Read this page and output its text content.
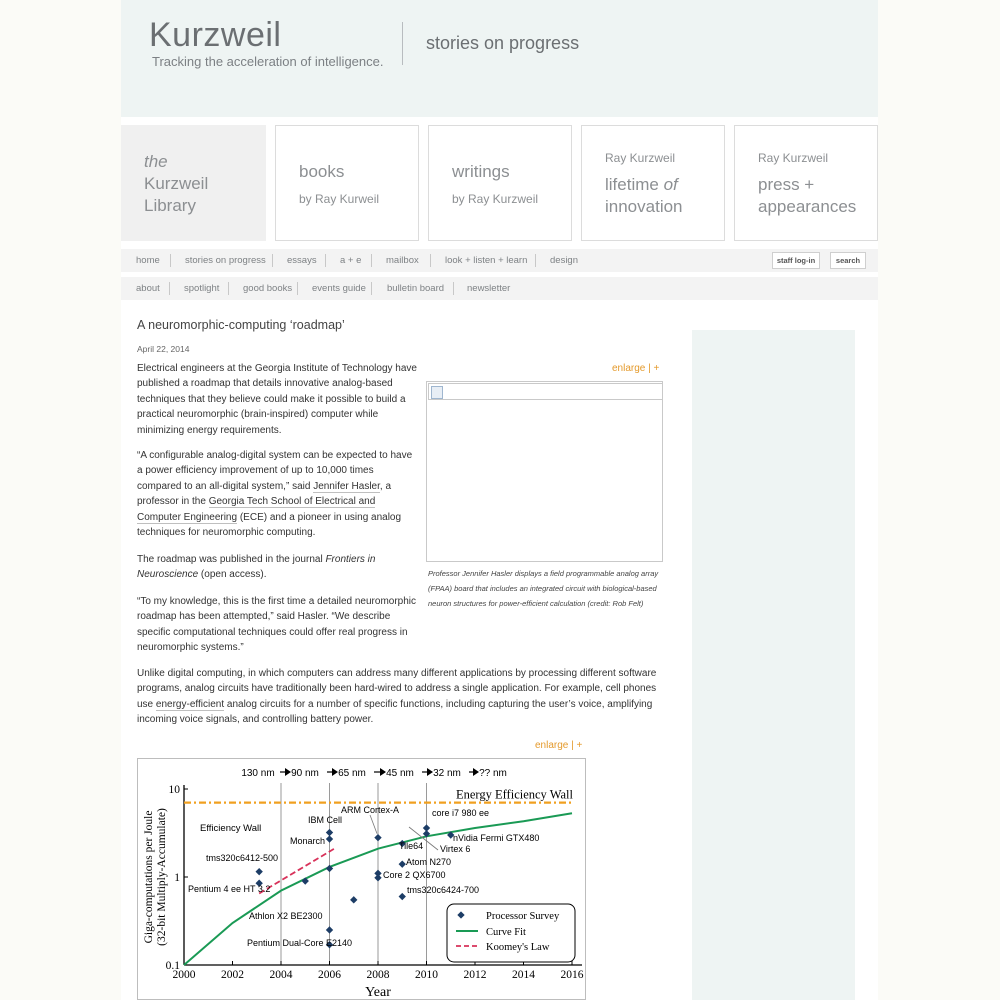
Kurzweil
Tracking the acceleration of intelligence.
stories on progress
the
Kurzweil
Library
books
by Ray Kurweil
writings
by Ray Kurzweil
Ray Kurzweil
lifetime of
innovation
Ray Kurzweil
press +
appearances
home	stories on progress essays a + e	mailbox	look + listen + learn design	staff log-in	search
about	spotlight good books events guide bulletin board newsletter
A neuromorphic-computing ‘roadmap’
April 22, 2014
Electrical engineers at the Georgia Institute of Technology have published a roadmap that details innovative analog-based techniques that they believe could make it possible to build a practical neuromorphic (brain-inspired) computer while minimizing energy requirements.
“A configurable analog-digital system can be expected to have a power efficiency improvement of up to 10,000 times compared to an all-digital system,” said Jennifer Hasler, a professor in the Georgia Tech School of Electrical and Computer Engineering (ECE) and a pioneer in using analog techniques for neuromorphic computing.
The roadmap was published in the journal Frontiers in Neuroscience (open access).
“To my knowledge, this is the first time a detailed neuromorphic roadmap has been attempted,” said Hasler. “We describe specific computational techniques could offer real progress in neuromorphic systems.”
Unlike digital computing, in which computers can address many different applications by processing different software programs, analog circuits have traditionally been hard-wired to address a single application. For example, cell phones use energy-efficient analog circuits for a number of specific functions, including capturing the user’s voice, amplifying incoming voice signals, and controlling battery power.
enlarge | +
Professor Jennifer Hasler displays a field programmable analog array (FPAA) board that includes an integrated circuit with biological-based neuron structures for power-efficient calculation (credit: Rob Felt)
enlarge | +
2000 2002 2004 2006 2008 2010 2012 2014 2016
0.1
1
10
Year
Giga-computations per Joule(32-bit Multiply-Accumulate)
130 nm 90 nm 65 nm 45 nm 32 nm ?? nm
Energy Efficiency Wall
Efficiency Wall
tms320c6412-500
Pentium 4 ee HT 3.2
Athlon X2 BE2300
Pentium Dual-Core E2140
IBM Cell
Monarch
ARM Cortex-A	core i7 980 ee
Tile64 Virtex 6
nVidia Fermi GTX480
Atom N270
Core 2 QX6700
tms320c6424-700
Processor Survey
Curve Fit
Koomey's Law
